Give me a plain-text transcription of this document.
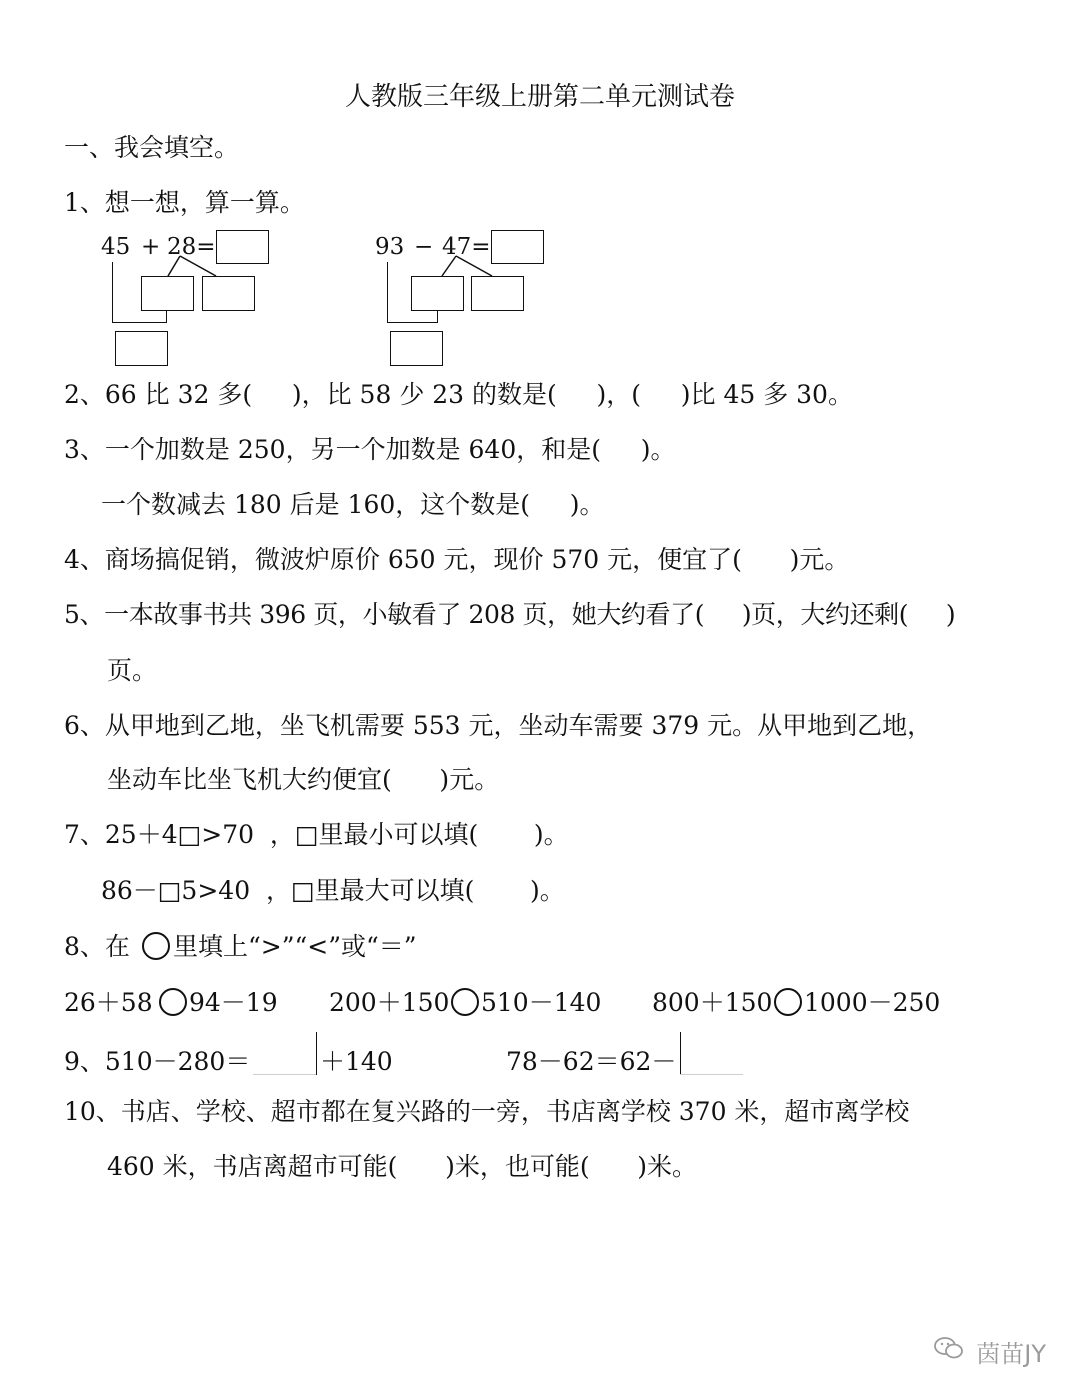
人教版三年级上册第二单元测试卷
一、我会填空。
1、想一想，算一算。
45 + 28=	93 − 47=
2、66 比 32 多(     )，比 58 少 23 的数是(     )，(     )比 45 多 30。
3、一个加数是 250，另一个加数是 640，和是(     )。
一个数减去 180 后是 160，这个数是(     )。
4、商场搞促销，微波炉原价 650 元，现价 570 元，便宜了(      )元。
5、一本故事书共 396 页，小敏看了 208 页，她大约看了(     )页，大约还剩(     )
页。
6、从甲地到乙地，坐飞机需要 553 元，坐动车需要 379 元。从甲地到乙地，
坐动车比坐飞机大约便宜(      )元。
7、25＋4□>70  ，□里最小可以填(       )。
86－□5>40  ，□里最大可以填(       )。
8、在 里填上“>”“<”或“＝”
26＋58 94－19 200＋150 510－140 800＋150 1000－250
9、510－280＝	＋140	78－62＝62－
10、书店、学校、超市都在复兴路的一旁，书店离学校 370 米，超市离学校
460 米，书店离超市可能(      )米，也可能(      )米。
茵苗JY
